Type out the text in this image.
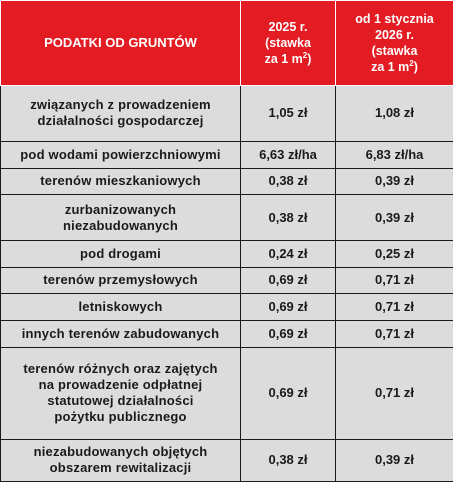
PODATKI OD GRUNTÓW	2025 r.
(stawka
za 1 $m^2$)	od 1 stycznia
2026 r.
(stawka
za 1 $m^2$)
związanych z prowadzeniem
działalności gospodarczej	1,05 zł	1,08 zł
pod wodami powierzchniowymi	6,63 zł/ha	6,83 zł/ha
terenów mieszkaniowych	0,38 zł	0,39 zł
zurbanizowanych
niezabudowanych	0,38 zł	0,39 zł
pod drogami	0,24 zł	0,25 zł
terenów przemysłowych	0,69 zł	0,71 zł
letniskowych	0,69 zł	0,71 zł
innych terenów zabudowanych	0,69 zł	0,71 zł
terenów różnych oraz zajętych
na prowadzenie odpłatnej
statutowej działalności
pożytku publicznego	0,69 zł	0,71 zł
niezabudowanych objętych
obszarem rewitalizacji	0,38 zł	0,39 zł
